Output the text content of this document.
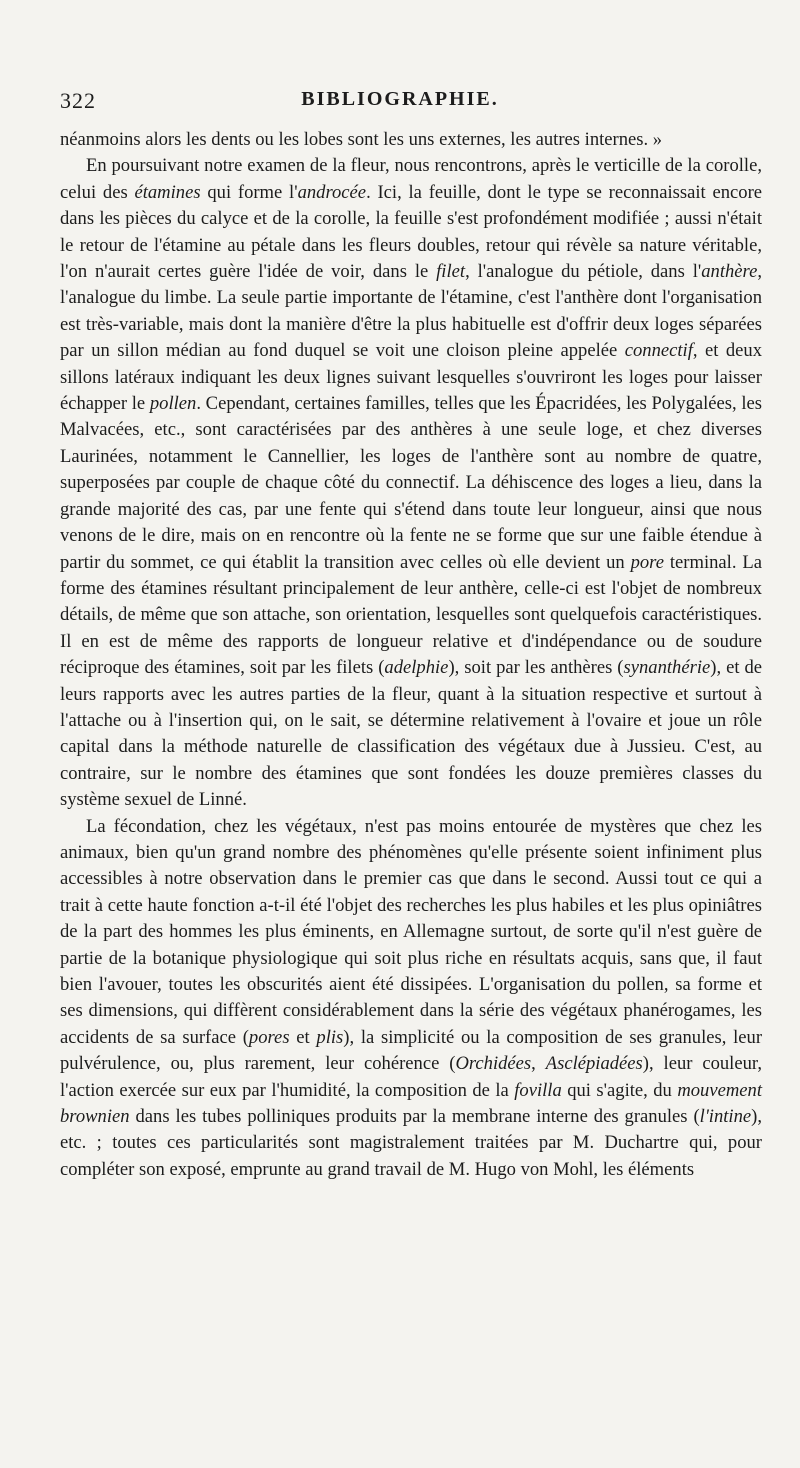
322	BIBLIOGRAPHIE.

néanmoins alors les dents ou les lobes sont les uns externes, les autres internes. »

En poursuivant notre examen de la fleur, nous rencontrons, après le verticille de la corolle, celui des étamines qui forme l'androcée. Ici, la feuille, dont le type se reconnaissait encore dans les pièces du calyce et de la corolle, la feuille s'est profondément modifiée ; aussi n'était le retour de l'étamine au pétale dans les fleurs doubles, retour qui révèle sa nature véritable, l'on n'aurait certes guère l'idée de voir, dans le filet, l'analogue du pétiole, dans l'anthère, l'analogue du limbe. La seule partie importante de l'étamine, c'est l'anthère dont l'organisation est très-variable, mais dont la manière d'être la plus habituelle est d'offrir deux loges séparées par un sillon médian au fond duquel se voit une cloison pleine appelée connectif, et deux sillons latéraux indiquant les deux lignes suivant lesquelles s'ouvriront les loges pour laisser échapper le pollen. Cependant, certaines familles, telles que les Épacridées, les Polygalées, les Malvacées, etc., sont caractérisées par des anthères à une seule loge, et chez diverses Laurinées, notamment le Cannellier, les loges de l'anthère sont au nombre de quatre, superposées par couple de chaque côté du connectif. La déhiscence des loges a lieu, dans la grande majorité des cas, par une fente qui s'étend dans toute leur longueur, ainsi que nous venons de le dire, mais on en rencontre où la fente ne se forme que sur une faible étendue à partir du sommet, ce qui établit la transition avec celles où elle devient un pore terminal. La forme des étamines résultant principalement de leur anthère, celle-ci est l'objet de nombreux détails, de même que son attache, son orientation, lesquelles sont quelquefois caractéristiques. Il en est de même des rapports de longueur relative et d'indépendance ou de soudure réciproque des étamines, soit par les filets (adelphie), soit par les anthères (synanthérie), et de leurs rapports avec les autres parties de la fleur, quant à la situation respective et surtout à l'attache ou à l'insertion qui, on le sait, se détermine relativement à l'ovaire et joue un rôle capital dans la méthode naturelle de classification des végétaux due à Jussieu. C'est, au contraire, sur le nombre des étamines que sont fondées les douze premières classes du système sexuel de Linné.

La fécondation, chez les végétaux, n'est pas moins entourée de mystères que chez les animaux, bien qu'un grand nombre des phénomènes qu'elle présente soient infiniment plus accessibles à notre observation dans le premier cas que dans le second. Aussi tout ce qui a trait à cette haute fonction a-t-il été l'objet des recherches les plus habiles et les plus opiniâtres de la part des hommes les plus éminents, en Allemagne surtout, de sorte qu'il n'est guère de partie de la botanique physiologique qui soit plus riche en résultats acquis, sans que, il faut bien l'avouer, toutes les obscurités aient été dissipées. L'organisation du pollen, sa forme et ses dimensions, qui diffèrent considérablement dans la série des végétaux phanérogames, les accidents de sa surface (pores et plis), la simplicité ou la composition de ses granules, leur pulvérulence, ou, plus rarement, leur cohérence (Orchidées, Asclépiadées), leur couleur, l'action exercée sur eux par l'humidité, la composition de la fovilla qui s'agite, du mouvement brownien dans les tubes polliniques produits par la membrane interne des granules (l'intine), etc. ; toutes ces particularités sont magistralement traitées par M. Duchartre qui, pour compléter son exposé, emprunte au grand travail de M. Hugo von Mohl, les éléments
